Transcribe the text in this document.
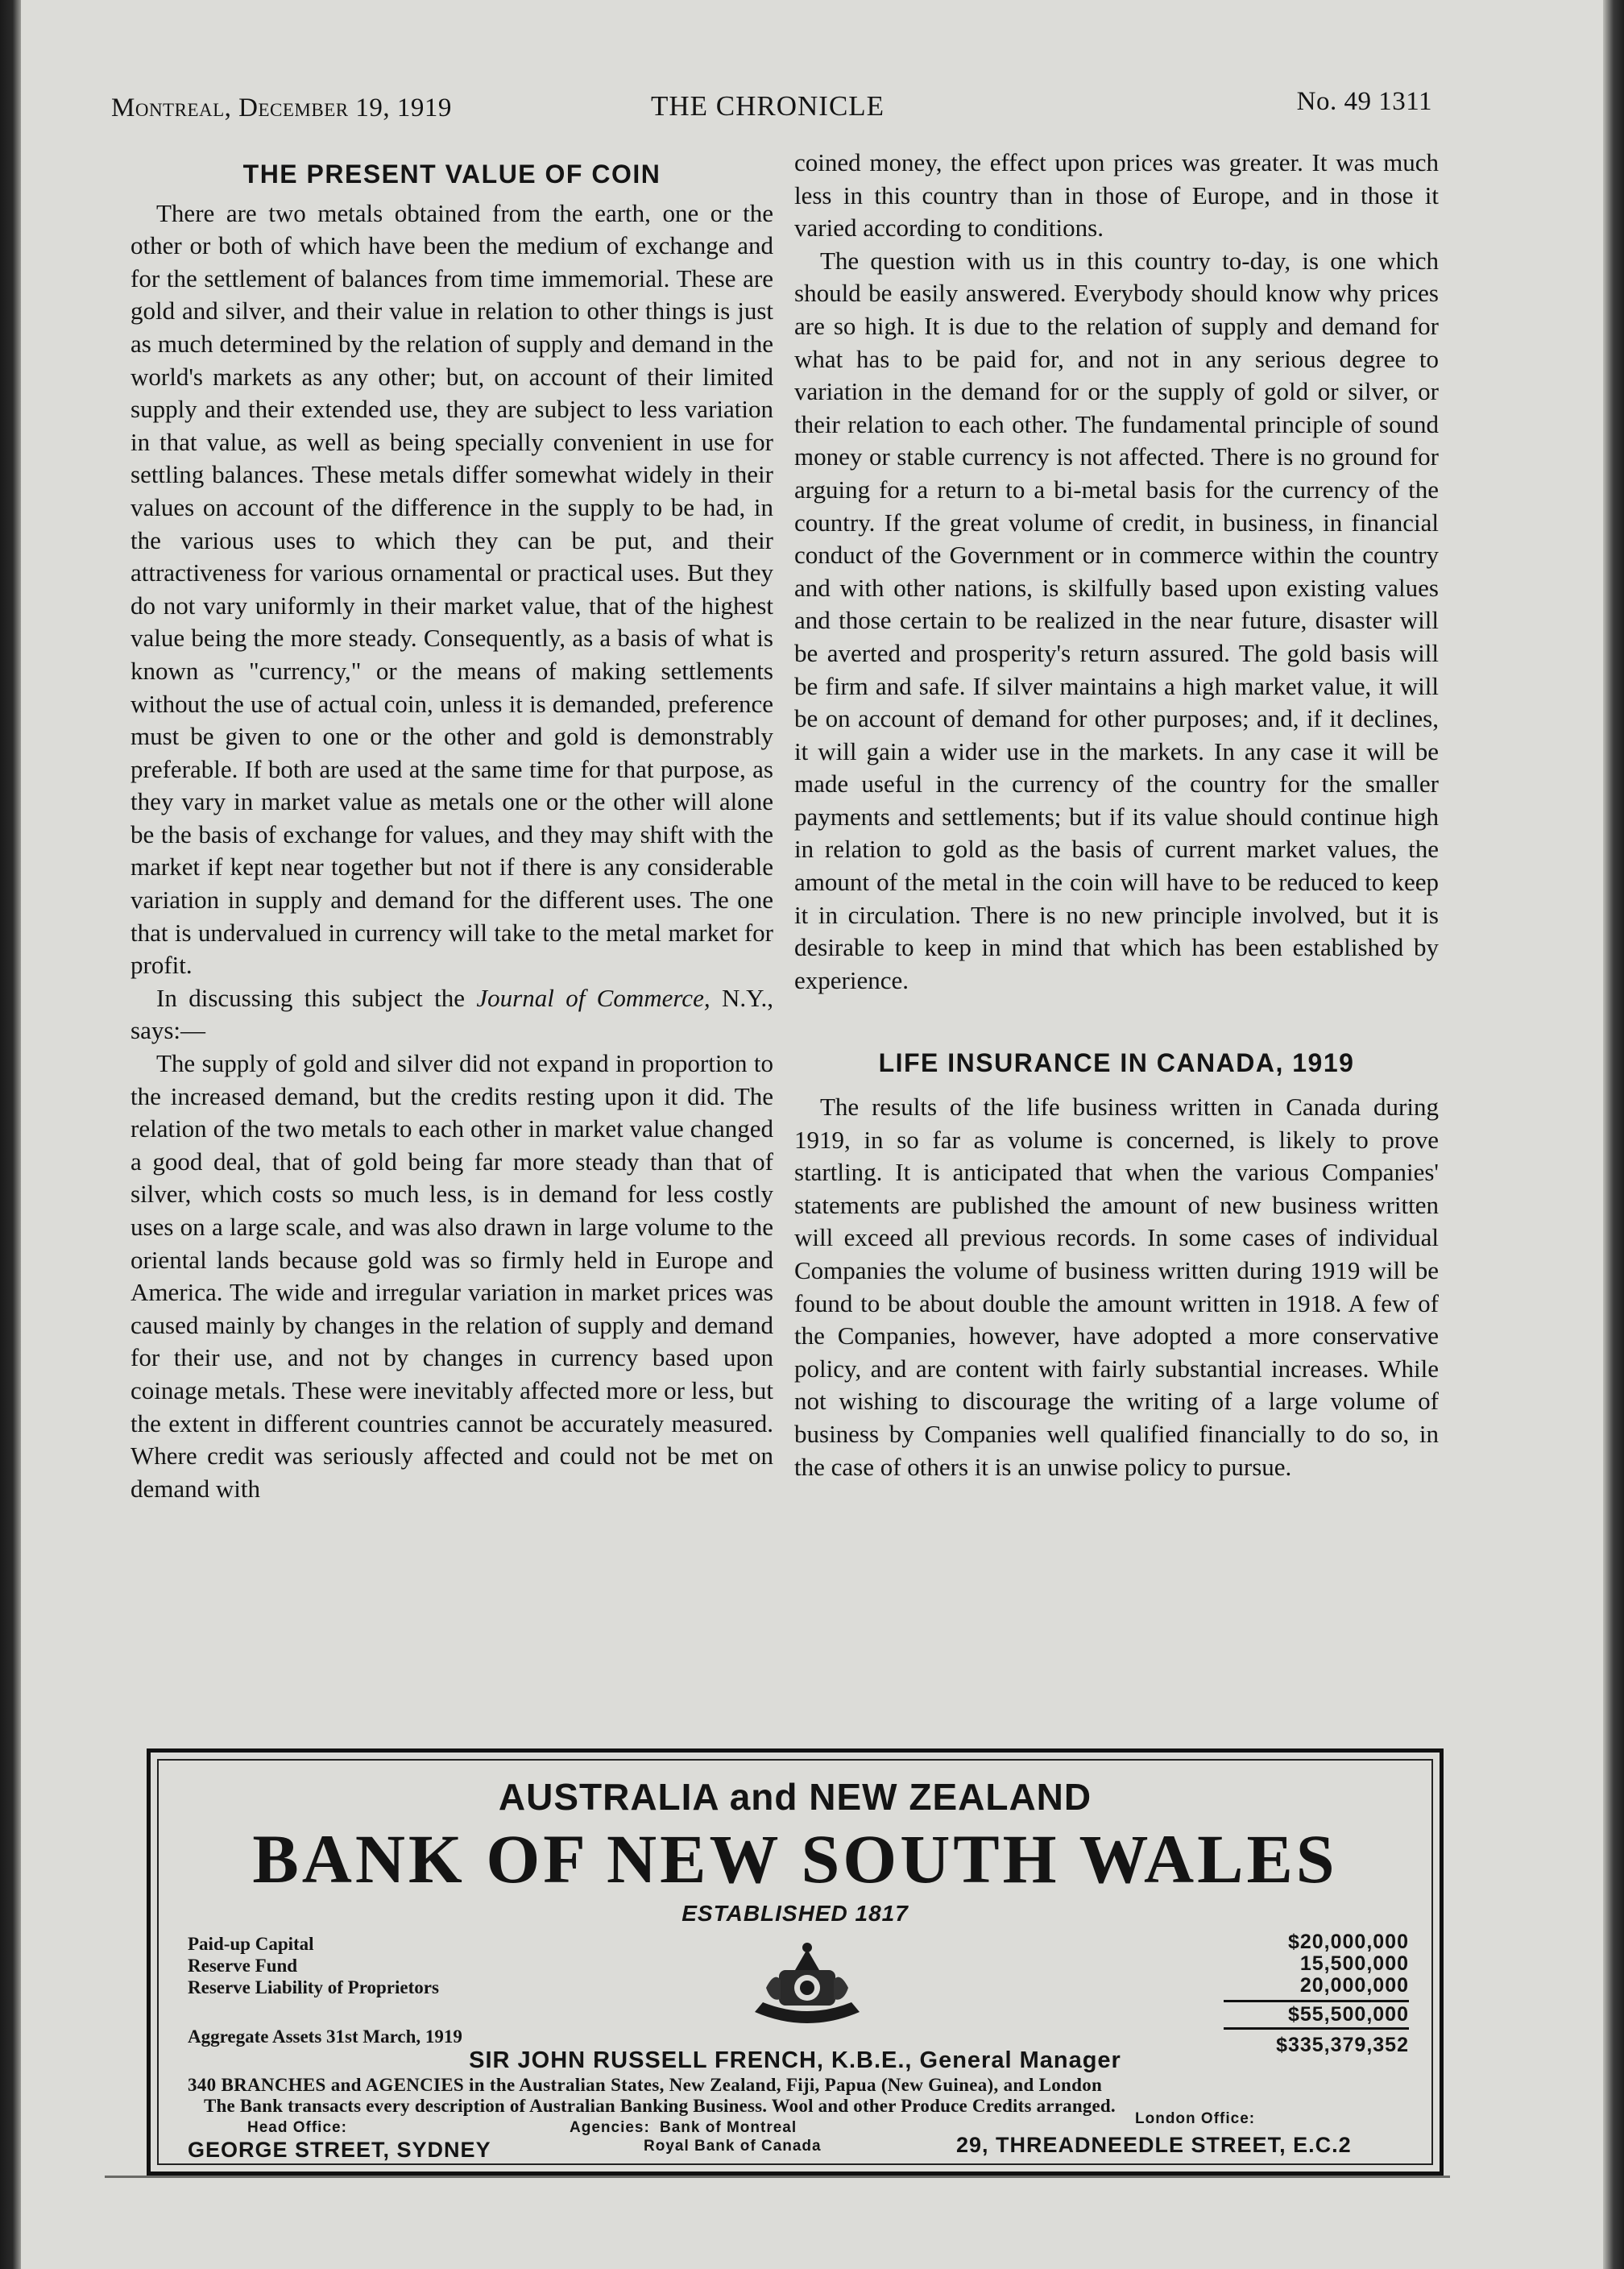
Montreal, December 19, 1919	THE CHRONICLE	No. 49 1311
THE PRESENT VALUE OF COIN

There are two metals obtained from the earth, one or the other or both of which have been the medium of exchange and for the settlement of balances from time immemorial. These are gold and silver, and their value in relation to other things is just as much determined by the relation of supply and demand in the world's markets as any other; but, on account of their limited supply and their extended use, they are subject to less variation in that value, as well as being specially convenient in use for settling balances. These metals differ somewhat widely in their values on account of the difference in the supply to be had, in the various uses to which they can be put, and their attractiveness for various ornamental or practical uses. But they do not vary uniformly in their market value, that of the highest value being the more steady. Consequently, as a basis of what is known as "currency," or the means of making settlements without the use of actual coin, unless it is demanded, preference must be given to one or the other and gold is demonstrably preferable. If both are used at the same time for that purpose, as they vary in market value as metals one or the other will alone be the basis of exchange for values, and they may shift with the market if kept near together but not if there is any considerable variation in supply and demand for the different uses. The one that is undervalued in currency will take to the metal market for profit.

In discussing this subject the Journal of Commerce, N.Y., says:—

The supply of gold and silver did not expand in proportion to the increased demand, but the credits resting upon it did. The relation of the two metals to each other in market value changed a good deal, that of gold being far more steady than that of silver, which costs so much less, is in demand for less costly uses on a large scale, and was also drawn in large volume to the oriental lands because gold was so firmly held in Europe and America. The wide and irregular variation in market prices was caused mainly by changes in the relation of supply and demand for their use, and not by changes in currency based upon coinage metals. These were inevitably affected more or less, but the extent in different countries cannot be accurately measured. Where credit was seriously affected and could not be met on demand with

coined money, the effect upon prices was greater. It was much less in this country than in those of Europe, and in those it varied according to conditions.

The question with us in this country to-day, is one which should be easily answered. Everybody should know why prices are so high. It is due to the relation of supply and demand for what has to be paid for, and not in any serious degree to variation in the demand for or the supply of gold or silver, or their relation to each other. The fundamental principle of sound money or stable currency is not affected. There is no ground for arguing for a return to a bi-metal basis for the currency of the country. If the great volume of credit, in business, in financial conduct of the Government or in commerce within the country and with other nations, is skilfully based upon existing values and those certain to be realized in the near future, disaster will be averted and prosperity's return assured. The gold basis will be firm and safe. If silver maintains a high market value, it will be on account of demand for other purposes; and, if it declines, it will gain a wider use in the markets. In any case it will be made useful in the currency of the country for the smaller payments and settlements; but if its value should continue high in relation to gold as the basis of current market values, the amount of the metal in the coin will have to be reduced to keep it in circulation. There is no new principle involved, but it is desirable to keep in mind that which has been established by experience.

LIFE INSURANCE IN CANADA, 1919

The results of the life business written in Canada during 1919, in so far as volume is concerned, is likely to prove startling. It is anticipated that when the various Companies' statements are published the amount of new business written will exceed all previous records. In some cases of individual Companies the volume of business written during 1919 will be found to be about double the amount written in 1918. A few of the Companies, however, have adopted a more conservative policy, and are content with fairly substantial increases. While not wishing to discourage the writing of a large volume of business by Companies well qualified financially to do so, in the case of others it is an unwise policy to pursue.

AUSTRALIA and NEW ZEALAND
BANK OF NEW SOUTH WALES
ESTABLISHED 1817
Paid-up Capital
Reserve Fund
Reserve Liability of Proprietors
$20,000,000
15,500,000
20,000,000
$55,500,000
$335,379,352
Aggregate Assets 31st March, 1919
SIR JOHN RUSSELL FRENCH, K.B.E., General Manager
340 BRANCHES and AGENCIES in the Australian States, New Zealand, Fiji, Papua (New Guinea), and London
The Bank transacts every description of Australian Banking Business. Wool and other Produce Credits arranged.
Head Office:
GEORGE STREET, SYDNEY
Agencies: Bank of Montreal
Royal Bank of Canada
London Office:
29, THREADNEEDLE STREET, E.C.2
